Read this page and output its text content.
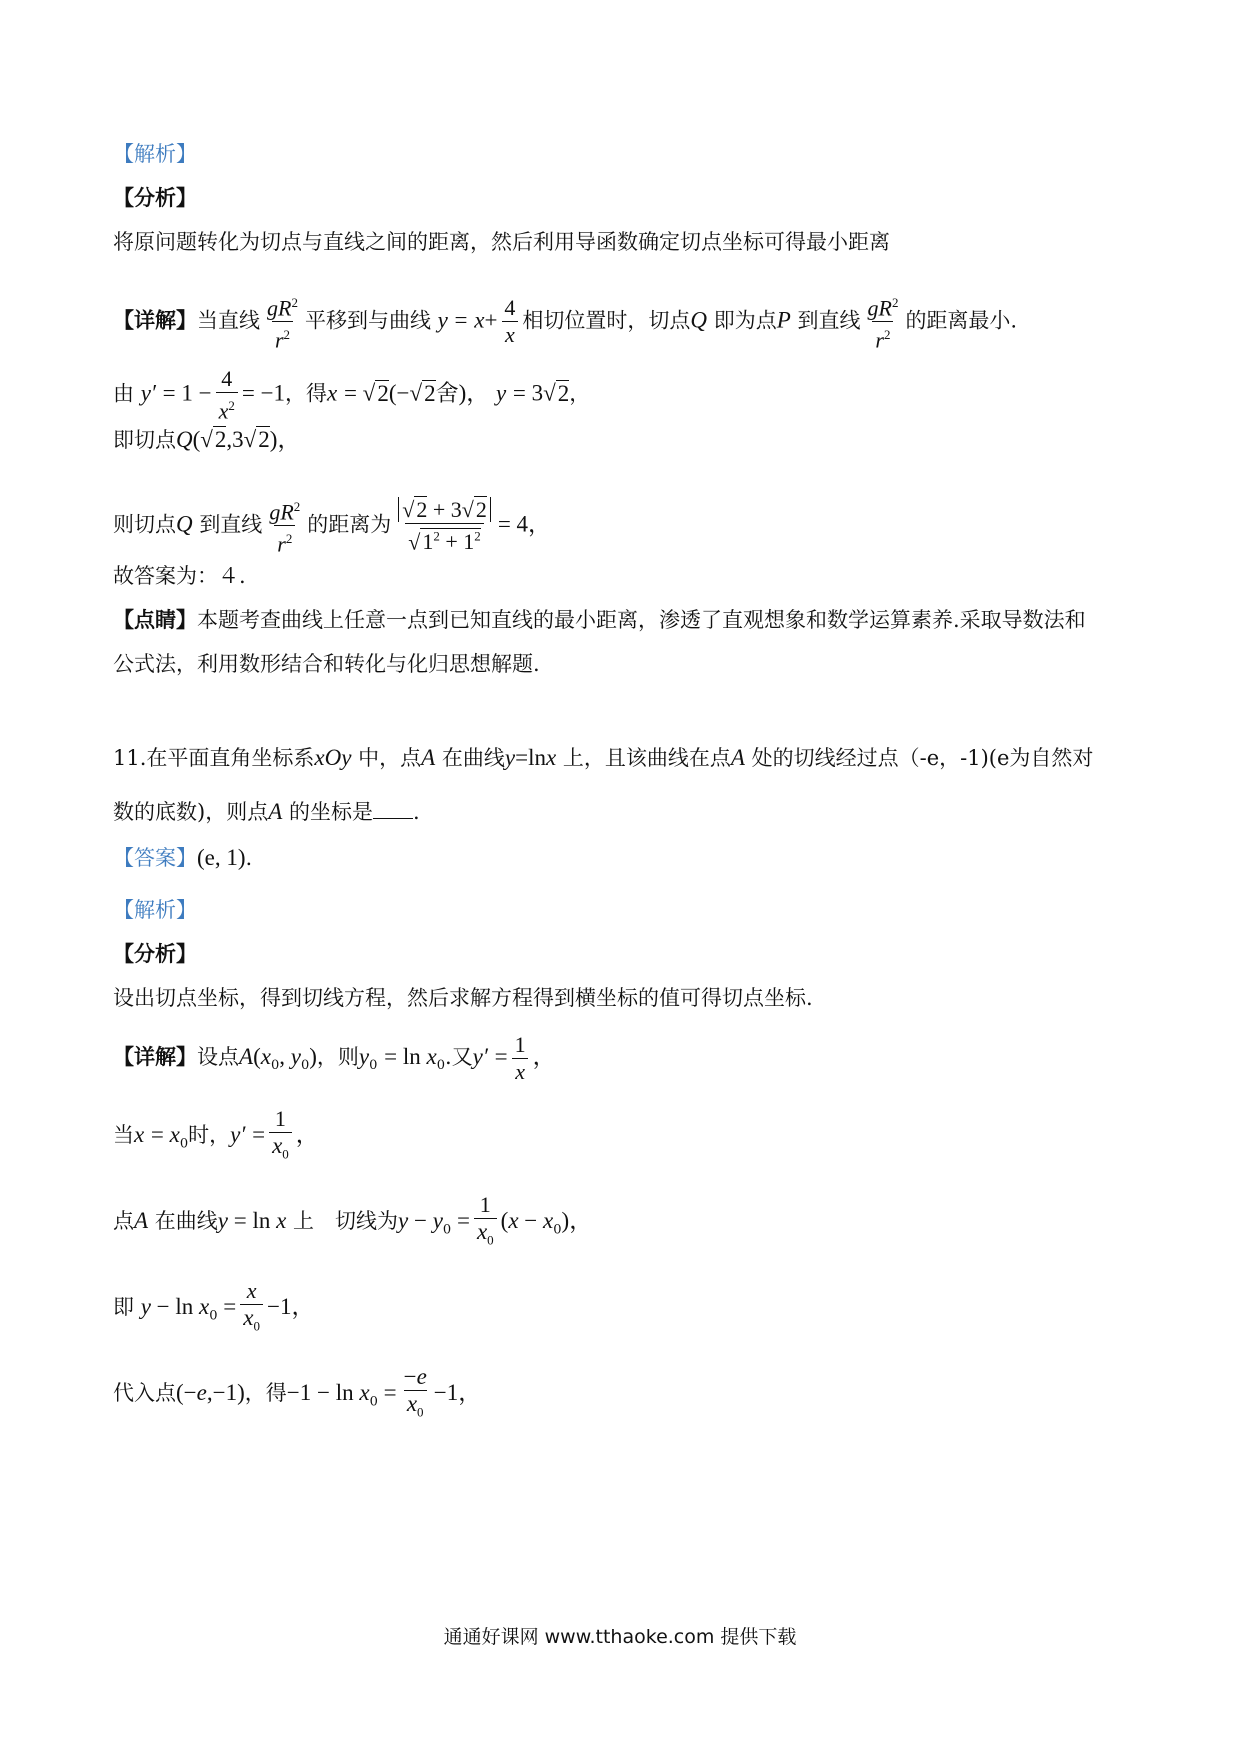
【解析】
【分析】
将原问题转化为切点与直线之间的距离，然后利用导函数确定切点坐标可得最小距离
【详解】当直线 $\frac{gR^2}{r^2}$ 平移到与曲线 $y = x+ \frac{4}{x}$ 相切位置时，切点Q 即为点P 到直线 $\frac{gR^2}{r^2}$ 的距离最小.
由 $y' = 1 - \frac{4}{x^2} = -1$，得x = √2(−√2舍)， y = 3√2，
即切点Q(√2,3√2)，
则切点Q 到直线 $\frac{gR^2}{r^2}$ 的距离为 $\frac{√2 + 3√2}{√1^2 + 1^2} = 4$，
故答案为：４.
【点睛】本题考查曲线上任意一点到已知直线的最小距离，渗透了直观想象和数学运算素养.采取导数法和
公式法，利用数形结合和转化与化归思想解题.
11.在平面直角坐标系xOy 中，点A 在曲线y=lnx 上，且该曲线在点A 处的切线经过点（-e，-1)(e为自然对
数的底数)，则点A 的坐标是 .
【答案】(e, 1).
【解析】
【分析】
设出切点坐标，得到切线方程，然后求解方程得到横坐标的值可得切点坐标.
【详解】设点$A(x_0$, $y_0$)，则$y_0 = \ln x_0$.又$y' = \frac{1}{x}$ ，
当$x = x_0$时，$y' = \frac{1}{x_0}$ ，
点A 在曲线y = ln x 上　切线为$y - y_0 = \frac{1}{x_0} (x - x_0)$，
即 $y - \ln x_0 = \frac{x}{x_0} -1$，
代入点(−e,−1)，得$-1 - \ln x_0 = \frac{-e}{x_0} -1$，
通通好课网 www.tthaoke.com 提供下载
